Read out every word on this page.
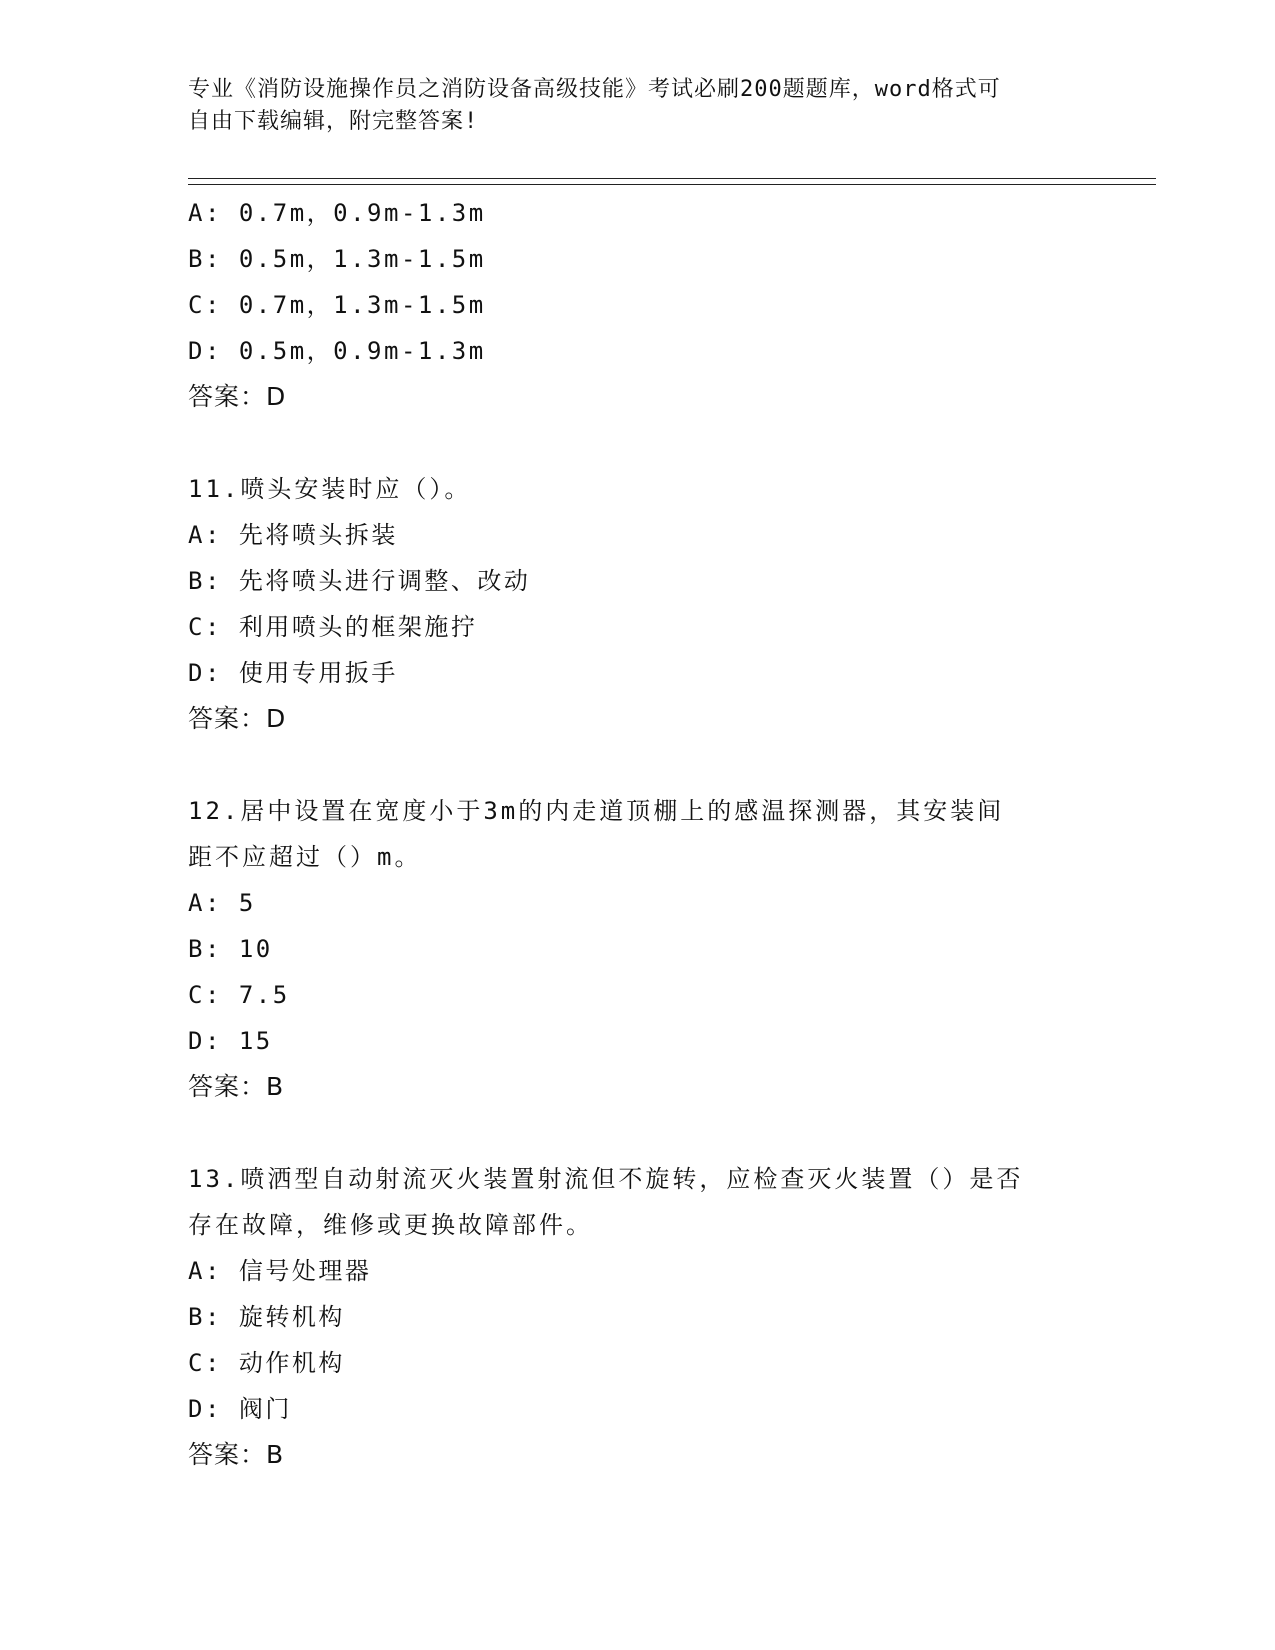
专业《消防设施操作员之消防设备高级技能》考试必刷200题题库，word格式可
自由下载编辑，附完整答案!
A: 0.7m，0.9m-1.3m
B: 0.5m，1.3m-1.5m
C: 0.7m，1.3m-1.5m
D: 0.5m，0.9m-1.3m
答案：D
11.喷头安装时应（）。
A: 先将喷头拆装
B: 先将喷头进行调整、改动
C: 利用喷头的框架施拧
D: 使用专用扳手
答案：D
12.居中设置在宽度小于3m的内走道顶棚上的感温探测器，其安装间
距不应超过（）m。
A: 5
B: 10
C: 7.5
D: 15
答案：B
13.喷洒型自动射流灭火装置射流但不旋转，应检查灭火装置（）是否
存在故障，维修或更换故障部件。
A: 信号处理器
B: 旋转机构
C: 动作机构
D: 阀门
答案：B
